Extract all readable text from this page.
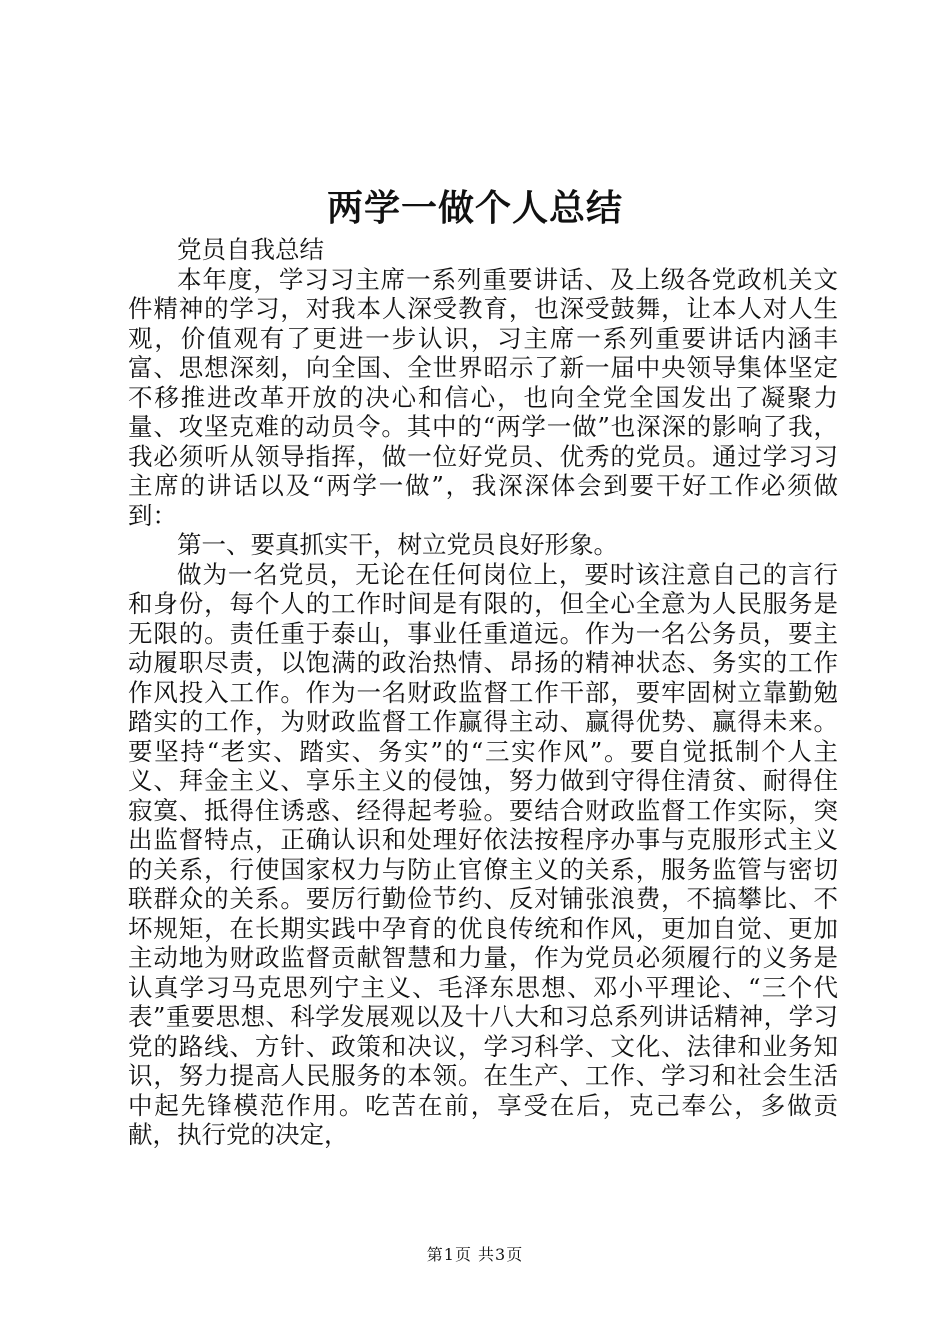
两学一做个人总结

党员自我总结

本年度，学习习主席一系列重要讲话、及上级各党政机关文件精神的学习，对我本人深受教育，也深受鼓舞，让本人对人生观，价值观有了更进一步认识，习主席一系列重要讲话内涵丰富、思想深刻，向全国、全世界昭示了新一届中央领导集体坚定不移推进改革开放的决心和信心，也向全党全国发出了凝聚力量、攻坚克难的动员令。其中的“两学一做”也深深的影响了我，我必须听从领导指挥，做一位好党员、优秀的党员。通过学习习主席的讲话以及“两学一做”，我深深体会到要干好工作必须做到：

第一、要真抓实干，树立党员良好形象。

做为一名党员，无论在任何岗位上，要时该注意自己的言行和身份，每个人的工作时间是有限的，但全心全意为人民服务是无限的。责任重于泰山，事业任重道远。作为一名公务员，要主动履职尽责，以饱满的政治热情、昂扬的精神状态、务实的工作作风投入工作。作为一名财政监督工作干部，要牢固树立靠勤勉踏实的工作，为财政监督工作赢得主动、赢得优势、赢得未来。要坚持“老实、踏实、务实”的“三实作风”。要自觉抵制个人主义、拜金主义、享乐主义的侵蚀，努力做到守得住清贫、耐得住寂寞、抵得住诱惑、经得起考验。要结合财政监督工作实际，突出监督特点，正确认识和处理好依法按程序办事与克服形式主义的关系，行使国家权力与防止官僚主义的关系，服务监管与密切联群众的关系。要厉行勤俭节约、反对铺张浪费，不搞攀比、不坏规矩，在长期实践中孕育的优良传统和作风，更加自觉、更加主动地为财政监督贡献智慧和力量，作为党员必须履行的义务是认真学习马克思列宁主义、毛泽东思想、邓小平理论、“三个代表”重要思想、科学发展观以及十八大和习总系列讲话精神，学习党的路线、方针、政策和决议，学习科学、文化、法律和业务知识，努力提高人民服务的本领。在生产、工作、学习和社会生活中起先锋模范作用。吃苦在前，享受在后，克己奉公，多做贡献，执行党的决定，

第1页 共3页
